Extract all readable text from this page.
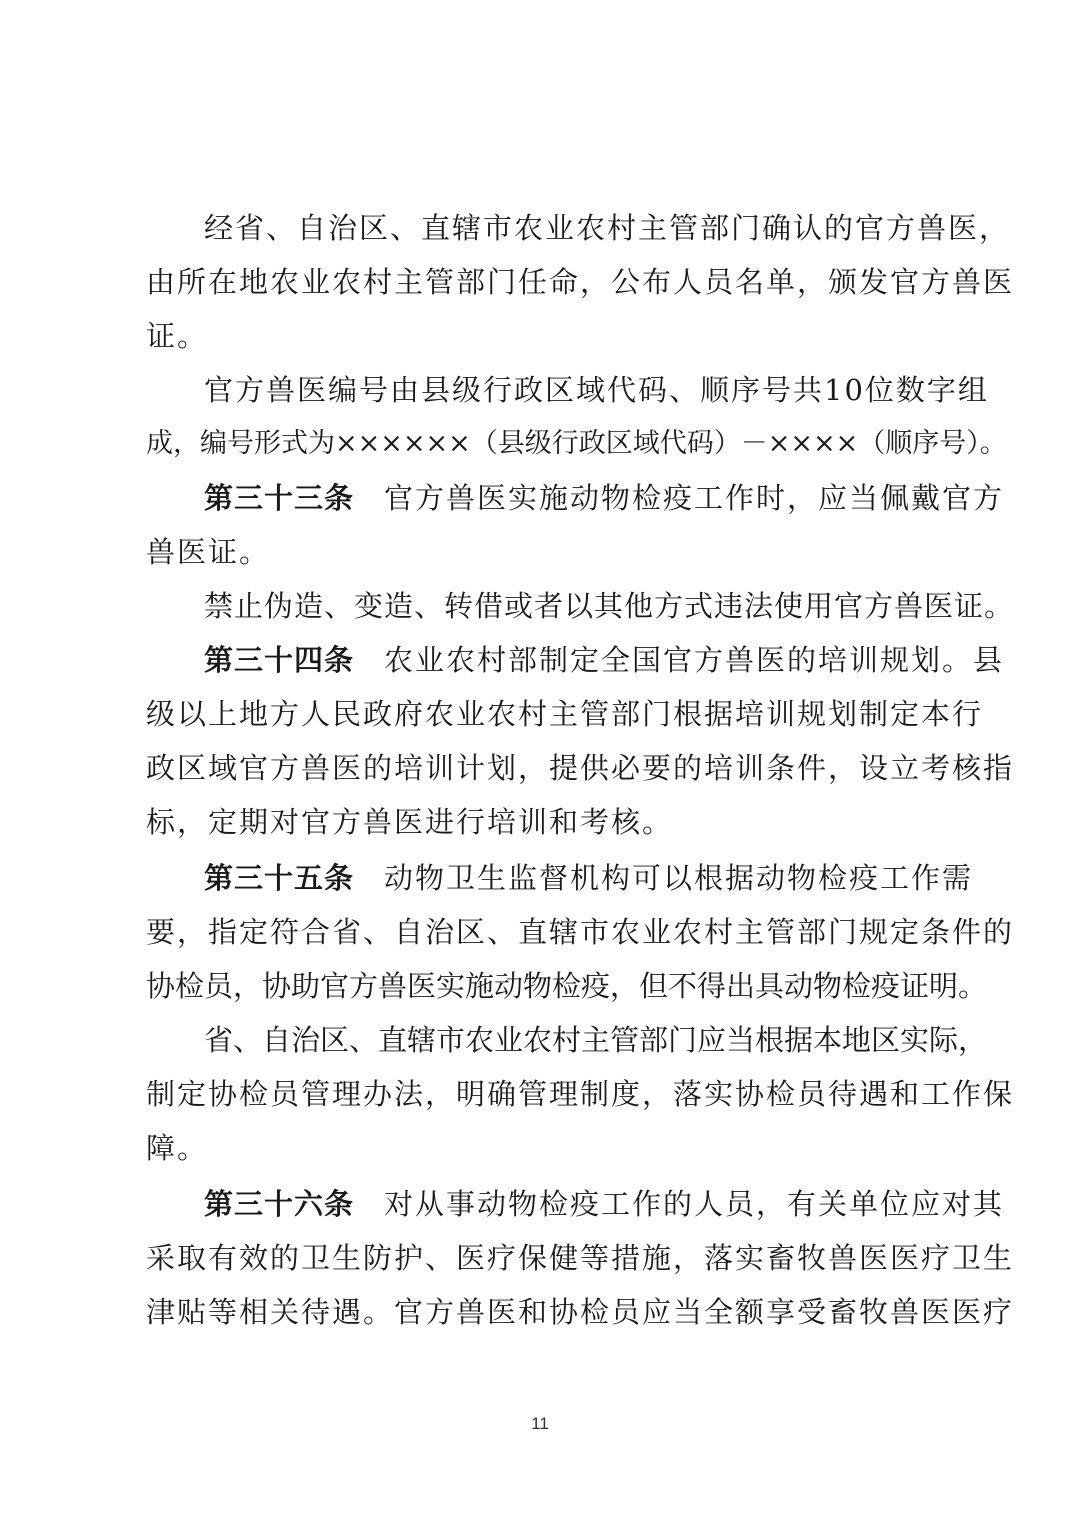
经省、自治区、直辖市农业农村主管部门确认的官方兽医，
由所在地农业农村主管部门任命，公布人员名单，颁发官方兽医
证。
官方兽医编号由县级行政区域代码、顺序号共10位数字组
成，编号形式为××××××（县级行政区域代码）－××××（顺序号）。
第三十三条 官方兽医实施动物检疫工作时，应当佩戴官方
兽医证。
禁止伪造、变造、转借或者以其他方式违法使用官方兽医证。
第三十四条 农业农村部制定全国官方兽医的培训规划。县
级以上地方人民政府农业农村主管部门根据培训规划制定本行
政区域官方兽医的培训计划，提供必要的培训条件，设立考核指
标，定期对官方兽医进行培训和考核。
第三十五条 动物卫生监督机构可以根据动物检疫工作需
要，指定符合省、自治区、直辖市农业农村主管部门规定条件的
协检员，协助官方兽医实施动物检疫，但不得出具动物检疫证明。
省、自治区、直辖市农业农村主管部门应当根据本地区实际，
制定协检员管理办法，明确管理制度，落实协检员待遇和工作保
障。
第三十六条 对从事动物检疫工作的人员，有关单位应对其
采取有效的卫生防护、医疗保健等措施，落实畜牧兽医医疗卫生
津贴等相关待遇。官方兽医和协检员应当全额享受畜牧兽医医疗
11
